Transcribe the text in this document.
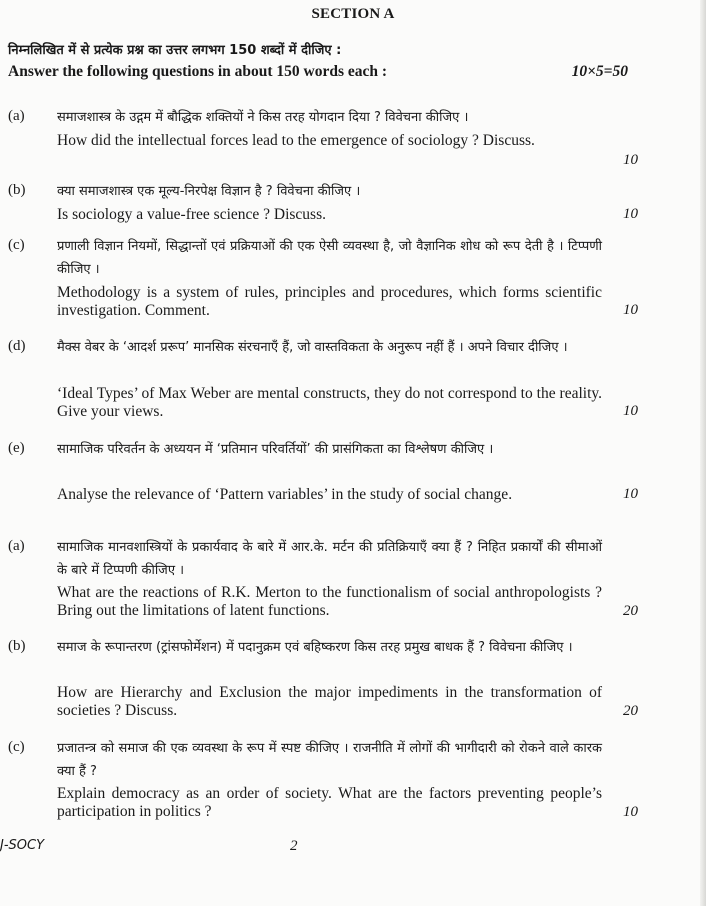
SECTION A
निम्नलिखित में से प्रत्येक प्रश्न का उत्तर लगभग 150 शब्दों में दीजिए :
Answer the following questions in about 150 words each :	10×5=50
(a) समाजशास्त्र के उद्गम में बौद्धिक शक्तियों ने किस तरह योगदान दिया ? विवेचना कीजिए ।
How did the intellectual forces lead to the emergence of sociology ? Discuss.
10
(b) क्या समाजशास्त्र एक मूल्य-निरपेक्ष विज्ञान है ? विवेचना कीजिए ।
Is sociology a value-free science ? Discuss.	10
(c) प्रणाली विज्ञान नियमों, सिद्धान्तों एवं प्रक्रियाओं की एक ऐसी व्यवस्था है, जो वैज्ञानिक शोध को रूप देती है । टिप्पणी कीजिए ।
Methodology is a system of rules, principles and procedures, which forms scientific investigation. Comment.	10
(d) मैक्स वेबर के ‘आदर्श प्ररूप’ मानसिक संरचनाएँ हैं, जो वास्तविकता के अनुरूप नहीं हैं । अपने विचार दीजिए ।
‘Ideal Types’ of Max Weber are mental constructs, they do not correspond to the reality. Give your views.	10
(e) सामाजिक परिवर्तन के अध्ययन में ‘प्रतिमान परिवर्तियों’ की प्रासंगिकता का विश्लेषण कीजिए ।
Analyse the relevance of ‘Pattern variables’ in the study of social change.	10
(a) सामाजिक मानवशास्त्रियों के प्रकार्यवाद के बारे में आर.के. मर्टन की प्रतिक्रियाएँ क्या हैं ? निहित प्रकार्यों की सीमाओं के बारे में टिप्पणी कीजिए ।
What are the reactions of R.K. Merton to the functionalism of social anthropologists ? Bring out the limitations of latent functions.	20
(b) समाज के रूपान्तरण (ट्रांसफोर्मेशन) में पदानुक्रम एवं बहिष्करण किस तरह प्रमुख बाधक हैं ? विवेचना कीजिए ।
How are Hierarchy and Exclusion the major impediments in the transformation of societies ? Discuss.	20
(c) प्रजातन्त्र को समाज की एक व्यवस्था के रूप में स्पष्ट कीजिए । राजनीति में लोगों की भागीदारी को रोकने वाले कारक क्या हैं ?
Explain democracy as an order of society. What are the factors preventing people’s participation in politics ?	10
J-SOCY	2
